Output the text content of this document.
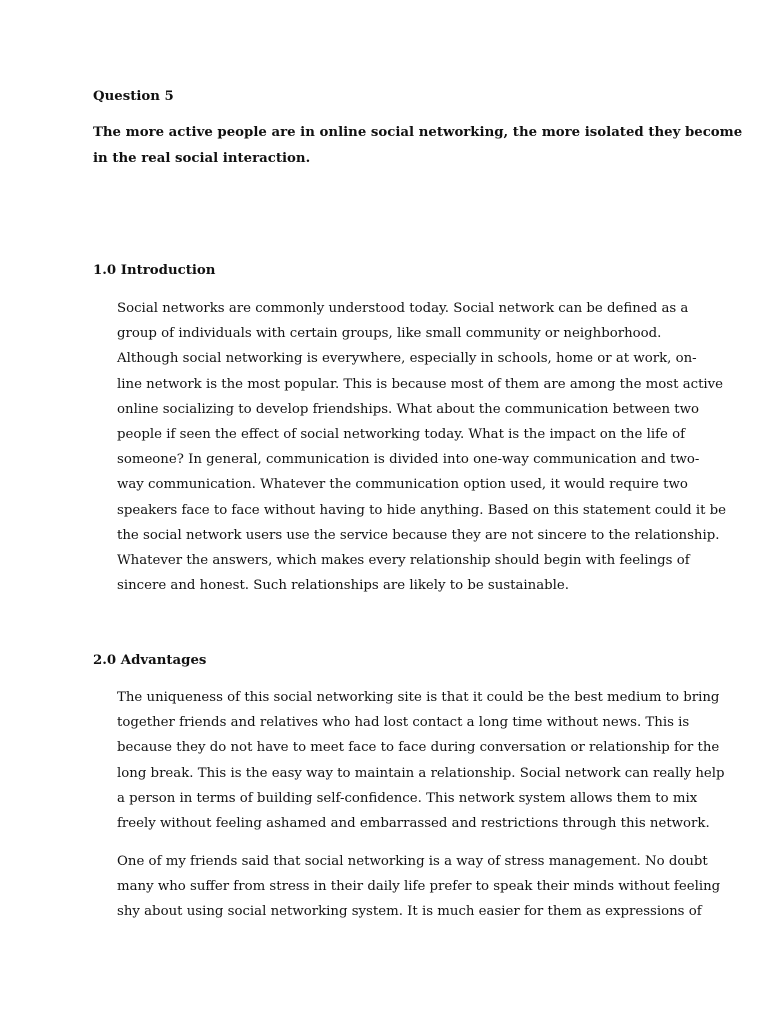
Question 5

The more active people are in online social networking, the more isolated they become

in the real social interaction.

1.0 Introduction

Social networks are commonly understood today. Social network can be defined as a
group of individuals with certain groups, like small community or neighborhood.
Although social networking is everywhere, especially in schools, home or at work, on-
line network is the most popular. This is because most of them are among the most active
online socializing to develop friendships. What about the communication between two
people if seen the effect of social networking today. What is the impact on the life of
someone? In general, communication is divided into one-way communication and two-
way communication. Whatever the communication option used, it would require two
speakers face to face without having to hide anything. Based on this statement could it be
the social network users use the service because they are not sincere to the relationship.
Whatever the answers, which makes every relationship should begin with feelings of
sincere and honest. Such relationships are likely to be sustainable.

2.0 Advantages

The uniqueness of this social networking site is that it could be the best medium to bring
together friends and relatives who had lost contact a long time without news. This is
because they do not have to meet face to face during conversation or relationship for the
long break. This is the easy way to maintain a relationship. Social network can really help
a person in terms of building self-confidence. This network system allows them to mix
freely without feeling ashamed and embarrassed and restrictions through this network.

One of my friends said that social networking is a way of stress management. No doubt
many who suffer from stress in their daily life prefer to speak their minds without feeling
shy about using social networking system. It is much easier for them as expressions of
